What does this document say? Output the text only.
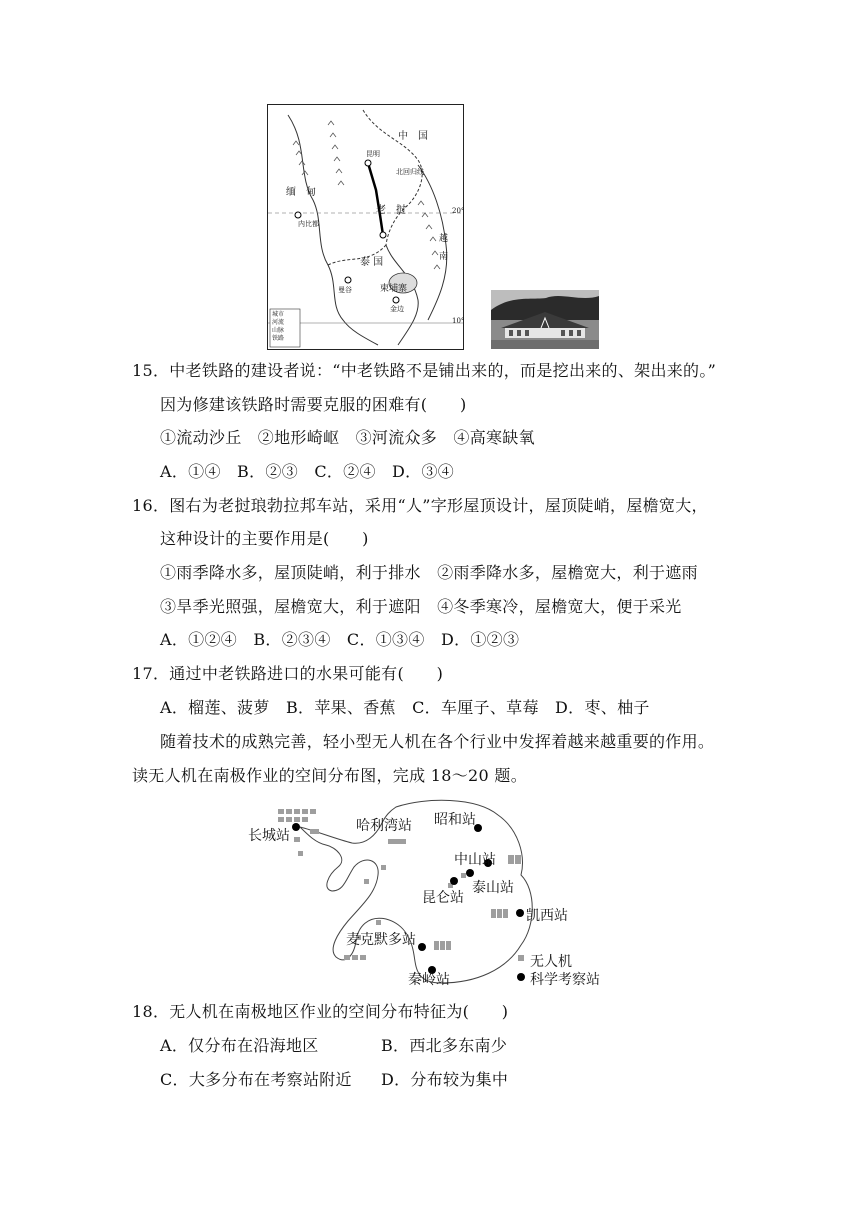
中　国
缅　甸
老　挝
泰 国
越　南
柬埔寨
昆明
北回归线
内比都
曼谷
金边
20°
10°
城市
河流
山脉
铁路
15．中老铁路的建设者说：“中老铁路不是铺出来的，而是挖出来的、架出来的。”
因为修建该铁路时需要克服的困难有(　　)
①流动沙丘　②地形崎岖　③河流众多　④高寒缺氧
A．①④　B．②③　C．②④　D．③④
16．图右为老挝琅勃拉邦车站，采用“人”字形屋顶设计，屋顶陡峭，屋檐宽大，
这种设计的主要作用是(　　)
①雨季降水多，屋顶陡峭，利于排水　②雨季降水多，屋檐宽大，利于遮雨
③旱季光照强，屋檐宽大，利于遮阳　④冬季寒冷，屋檐宽大，便于采光
A．①②④　B．②③④　C．①③④　D．①②③
17．通过中老铁路进口的水果可能有(　　)
A．榴莲、菠萝　B．苹果、香蕉　C．车厘子、草莓　D．枣、柚子
随着技术的成熟完善，轻小型无人机在各个行业中发挥着越来越重要的作用。
读无人机在南极作业的空间分布图，完成 18～20 题。
长城站
哈利湾站 昭和站
中山站
泰山站
昆仑站
凯西站
麦克默多站
秦岭站
无人机
科学考察站
18．无人机在南极地区作业的空间分布特征为(　　)
A．仅分布在沿海地区	B．西北多东南少
C．大多分布在考察站附近 D．分布较为集中
